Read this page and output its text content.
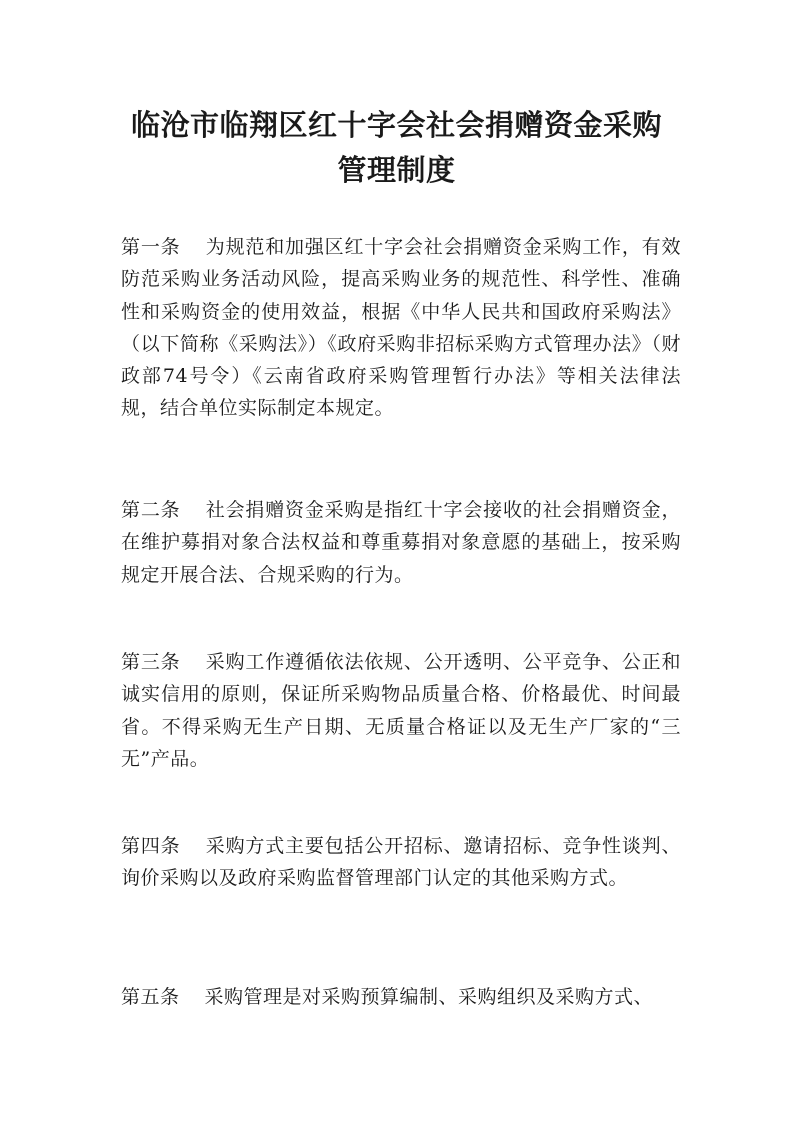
临沧市临翔区红十字会社会捐赠资金采购
管理制度

第一条 为规范和加强区红十字会社会捐赠资金采购工作，有效防范采购业务活动风险，提高采购业务的规范性、科学性、准确性和采购资金的使用效益，根据《中华人民共和国政府采购法》（以下简称《采购法》）《政府采购非招标采购方式管理办法》（财政部74号令）《云南省政府采购管理暂行办法》等相关法律法规，结合单位实际制定本规定。

第二条 社会捐赠资金采购是指红十字会接收的社会捐赠资金，在维护募捐对象合法权益和尊重募捐对象意愿的基础上，按采购规定开展合法、合规采购的行为。

第三条 采购工作遵循依法依规、公开透明、公平竞争、公正和诚实信用的原则，保证所采购物品质量合格、价格最优、时间最省。不得采购无生产日期、无质量合格证以及无生产厂家的“三无”产品。

第四条 采购方式主要包括公开招标、邀请招标、竞争性谈判、询价采购以及政府采购监督管理部门认定的其他采购方式。

第五条 采购管理是对采购预算编制、采购组织及采购方式、
